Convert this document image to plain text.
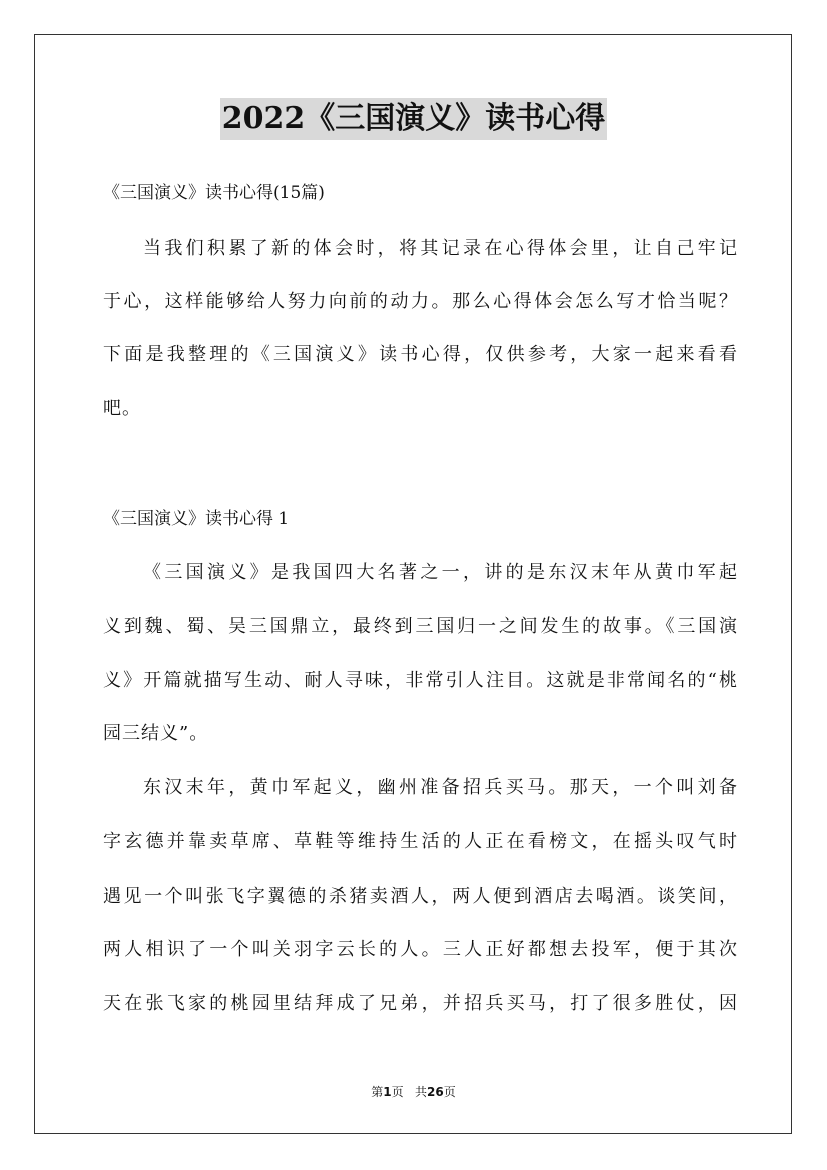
2022《三国演义》读书心得
《三国演义》读书心得(15篇)
当我们积累了新的体会时，将其记录在心得体会里，让自己牢记
于心，这样能够给人努力向前的动力。那么心得体会怎么写才恰当呢？
下面是我整理的《三国演义》读书心得，仅供参考，大家一起来看看
吧。
《三国演义》读书心得 1
《三国演义》是我国四大名著之一，讲的是东汉末年从黄巾军起
义到魏、蜀、吴三国鼎立，最终到三国归一之间发生的故事。《三国演
义》开篇就描写生动、耐人寻味，非常引人注目。这就是非常闻名的“桃
园三结义”。
东汉末年，黄巾军起义，幽州准备招兵买马。那天，一个叫刘备
字玄德并靠卖草席、草鞋等维持生活的人正在看榜文，在摇头叹气时
遇见一个叫张飞字翼德的杀猪卖酒人，两人便到酒店去喝酒。谈笑间，
两人相识了一个叫关羽字云长的人。三人正好都想去投军，便于其次
天在张飞家的桃园里结拜成了兄弟，并招兵买马，打了很多胜仗，因
第1页   共26页
